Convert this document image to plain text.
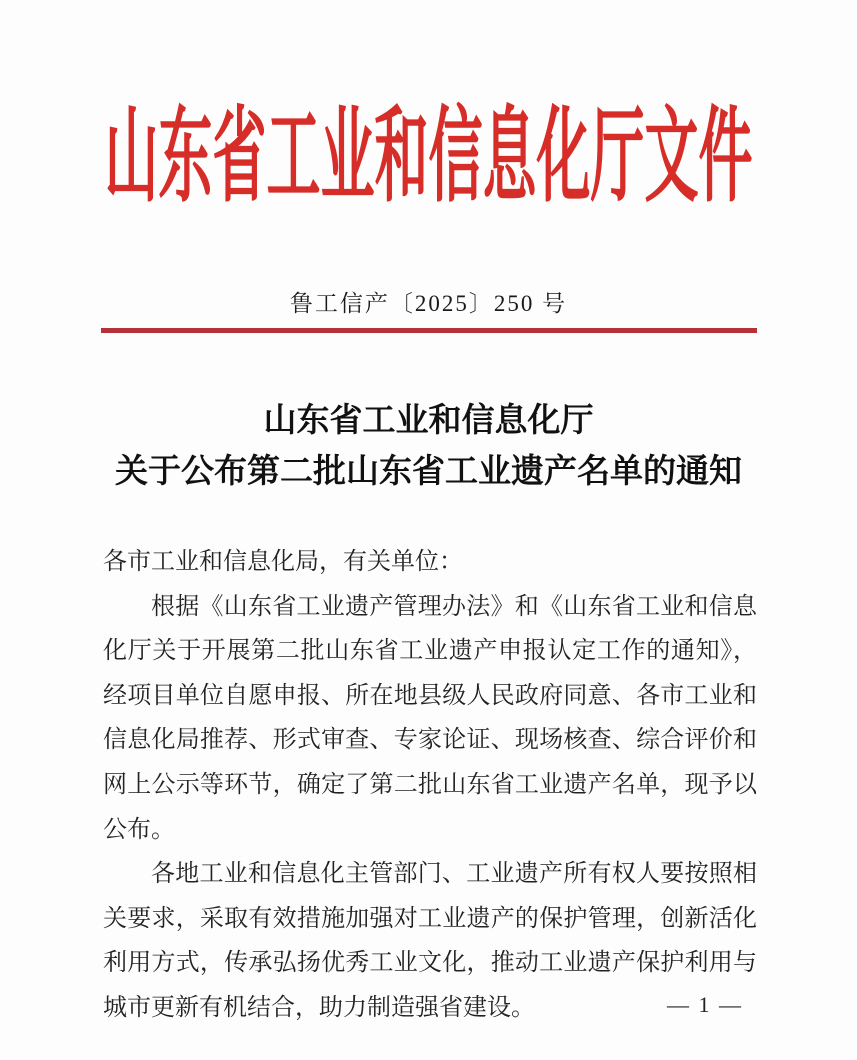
山东省工业和信息化厅文件
鲁工信产〔2025〕250 号
山东省工业和信息化厅
关于公布第二批山东省工业遗产名单的通知

各市工业和信息化局，有关单位：

根据《山东省工业遗产管理办法》和《山东省工业和信息化厅关于开展第二批山东省工业遗产申报认定工作的通知》，经项目单位自愿申报、所在地县级人民政府同意、各市工业和信息化局推荐、形式审查、专家论证、现场核查、综合评价和网上公示等环节，确定了第二批山东省工业遗产名单，现予以公布。

各地工业和信息化主管部门、工业遗产所有权人要按照相关要求，采取有效措施加强对工业遗产的保护管理，创新活化利用方式，传承弘扬优秀工业文化，推动工业遗产保护利用与城市更新有机结合，助力制造强省建设。	— 1 —
